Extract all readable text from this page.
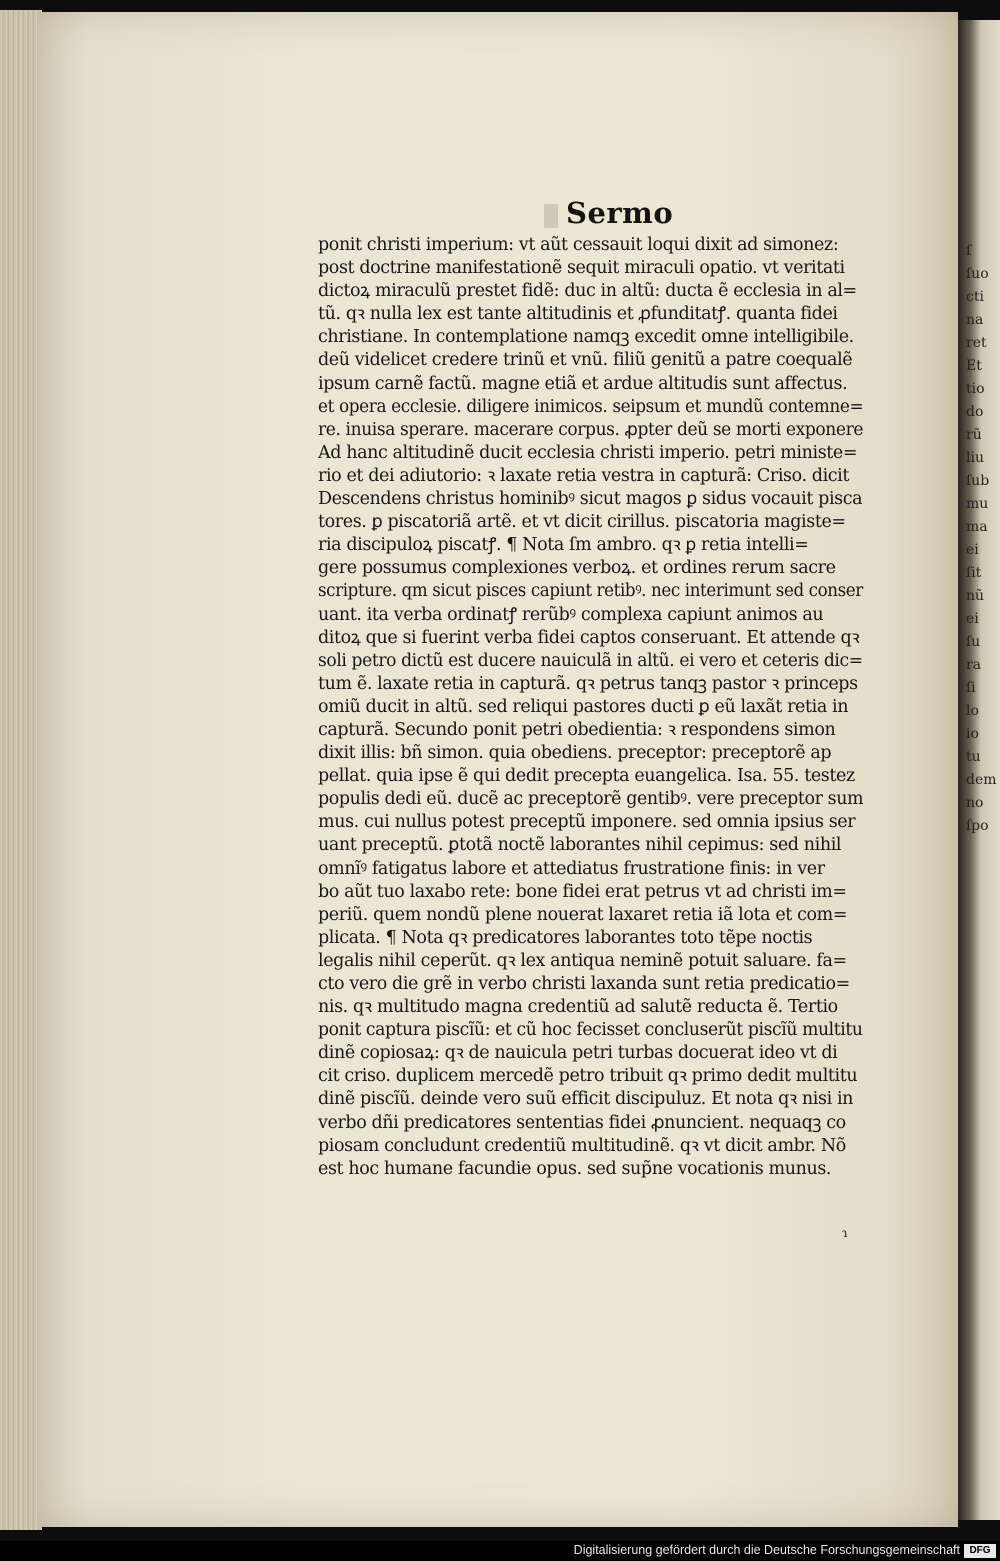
ſ
ſuo
cti
na
ret
Et
tio
do
rũ
liu
ſub
mu
ma
ei
ſit
nũ
ei
ſu
ra
ſi
lo
io
tu
dem
no
ſpo
Sermo
ponit christi imperium: vt aũt cessauit loqui dixit ad simonez:
post doctrine manifestationẽ sequit miraculi opatio. vt veritati
dictoꝝ miraculũ prestet fidẽ: duc in altũ: ducta ẽ ecclesia in al=
tũ. qꝛ nulla lex est tante altitudinis et ꝓfunditatꝭ. quanta fidei
christiane. In contemplatione namqꝫ excedit omne intelligibile.
deũ videlicet credere trinũ et vnũ. filiũ genitũ a patre coequalẽ
ipsum carnẽ factũ. magne etiã et ardue altitudis sunt affectus.
et opera ecclesie. diligere inimicos. seipsum et mundũ contemne=
re. inuisa sperare. macerare corpus. ꝓpter deũ se morti exponere
Ad hanc altitudinẽ ducit ecclesia christi imperio. petri ministe=
rio et dei adiutorio: ꝛ laxate retia vestra in capturã: Criso. dicit
Descendens christus hominibꝰ sicut magos ꝑ sidus vocauit pisca
tores. ꝑ piscatoriã artẽ. et vt dicit cirillus. piscatoria magiste=
ria discipuloꝝ piscatꝭ. ¶ Nota ſm ambro. qꝛ ꝑ retia intelli=
gere possumus complexiones verboꝝ. et ordines rerum sacre
scripture. qm sicut pisces capiunt retibꝰ. nec interimunt sed conser
uant. ita verba ordinatꝭ rerũbꝰ complexa capiunt animos au
ditoꝝ que si fuerint verba fidei captos conseruant. Et attende qꝛ
soli petro dictũ est ducere nauiculã in altũ. ei vero et ceteris dic=
tum ẽ. laxate retia in capturã. qꝛ petrus tanqꝫ pastor ꝛ princeps
omiũ ducit in altũ. sed reliqui pastores ducti ꝑ eũ laxãt retia in
capturã. Secundo ponit petri obedientia: ꝛ respondens simon
dixit illis: bñ simon. quia obediens. preceptor: preceptorẽ ap
pellat. quia ipse ẽ qui dedit precepta euangelica. Isa. 55. testez
populis dedi eũ. ducẽ ac preceptorẽ gentibꝰ. vere preceptor sum
mus. cui nullus potest preceptũ imponere. sed omnia ipsius ser
uant preceptũ. ꝑtotã noctẽ laborantes nihil cepimus: sed nihil
omnĩꝰ fatigatus labore et attediatus frustratione finis: in ver
bo aũt tuo laxabo rete: bone fidei erat petrus vt ad christi im=
periũ. quem nondũ plene nouerat laxaret retia iã lota et com=
plicata. ¶ Nota qꝛ predicatores laborantes toto tẽpe noctis
legalis nihil ceperũt. qꝛ lex antiqua neminẽ potuit saluare. fa=
cto vero die grẽ in verbo christi laxanda sunt retia predicatio=
nis. qꝛ multitudo magna credentiũ ad salutẽ reducta ẽ. Tertio
ponit captura piscĩũ: et cũ hoc fecisset concluserũt piscĩũ multitu
dinẽ copiosaꝝ: qꝛ de nauicula petri turbas docuerat ideo vt di
cit criso. duplicem mercedẽ petro tribuit qꝛ primo dedit multitu
dinẽ piscĩũ. deinde vero suũ efficit discipuluz. Et nota qꝛ nisi in
verbo dñi predicatores sententias fidei ꝓnuncient. nequaqꝫ co
piosam concludunt credentiũ multitudinẽ. qꝛ vt dicit ambr. Nõ
est hoc humane facundie opus. sed sup̃ne vocationis munus.
ɿ
Digitalisierung gefördert durch die Deutsche Forschungsgemeinschaft DFG
